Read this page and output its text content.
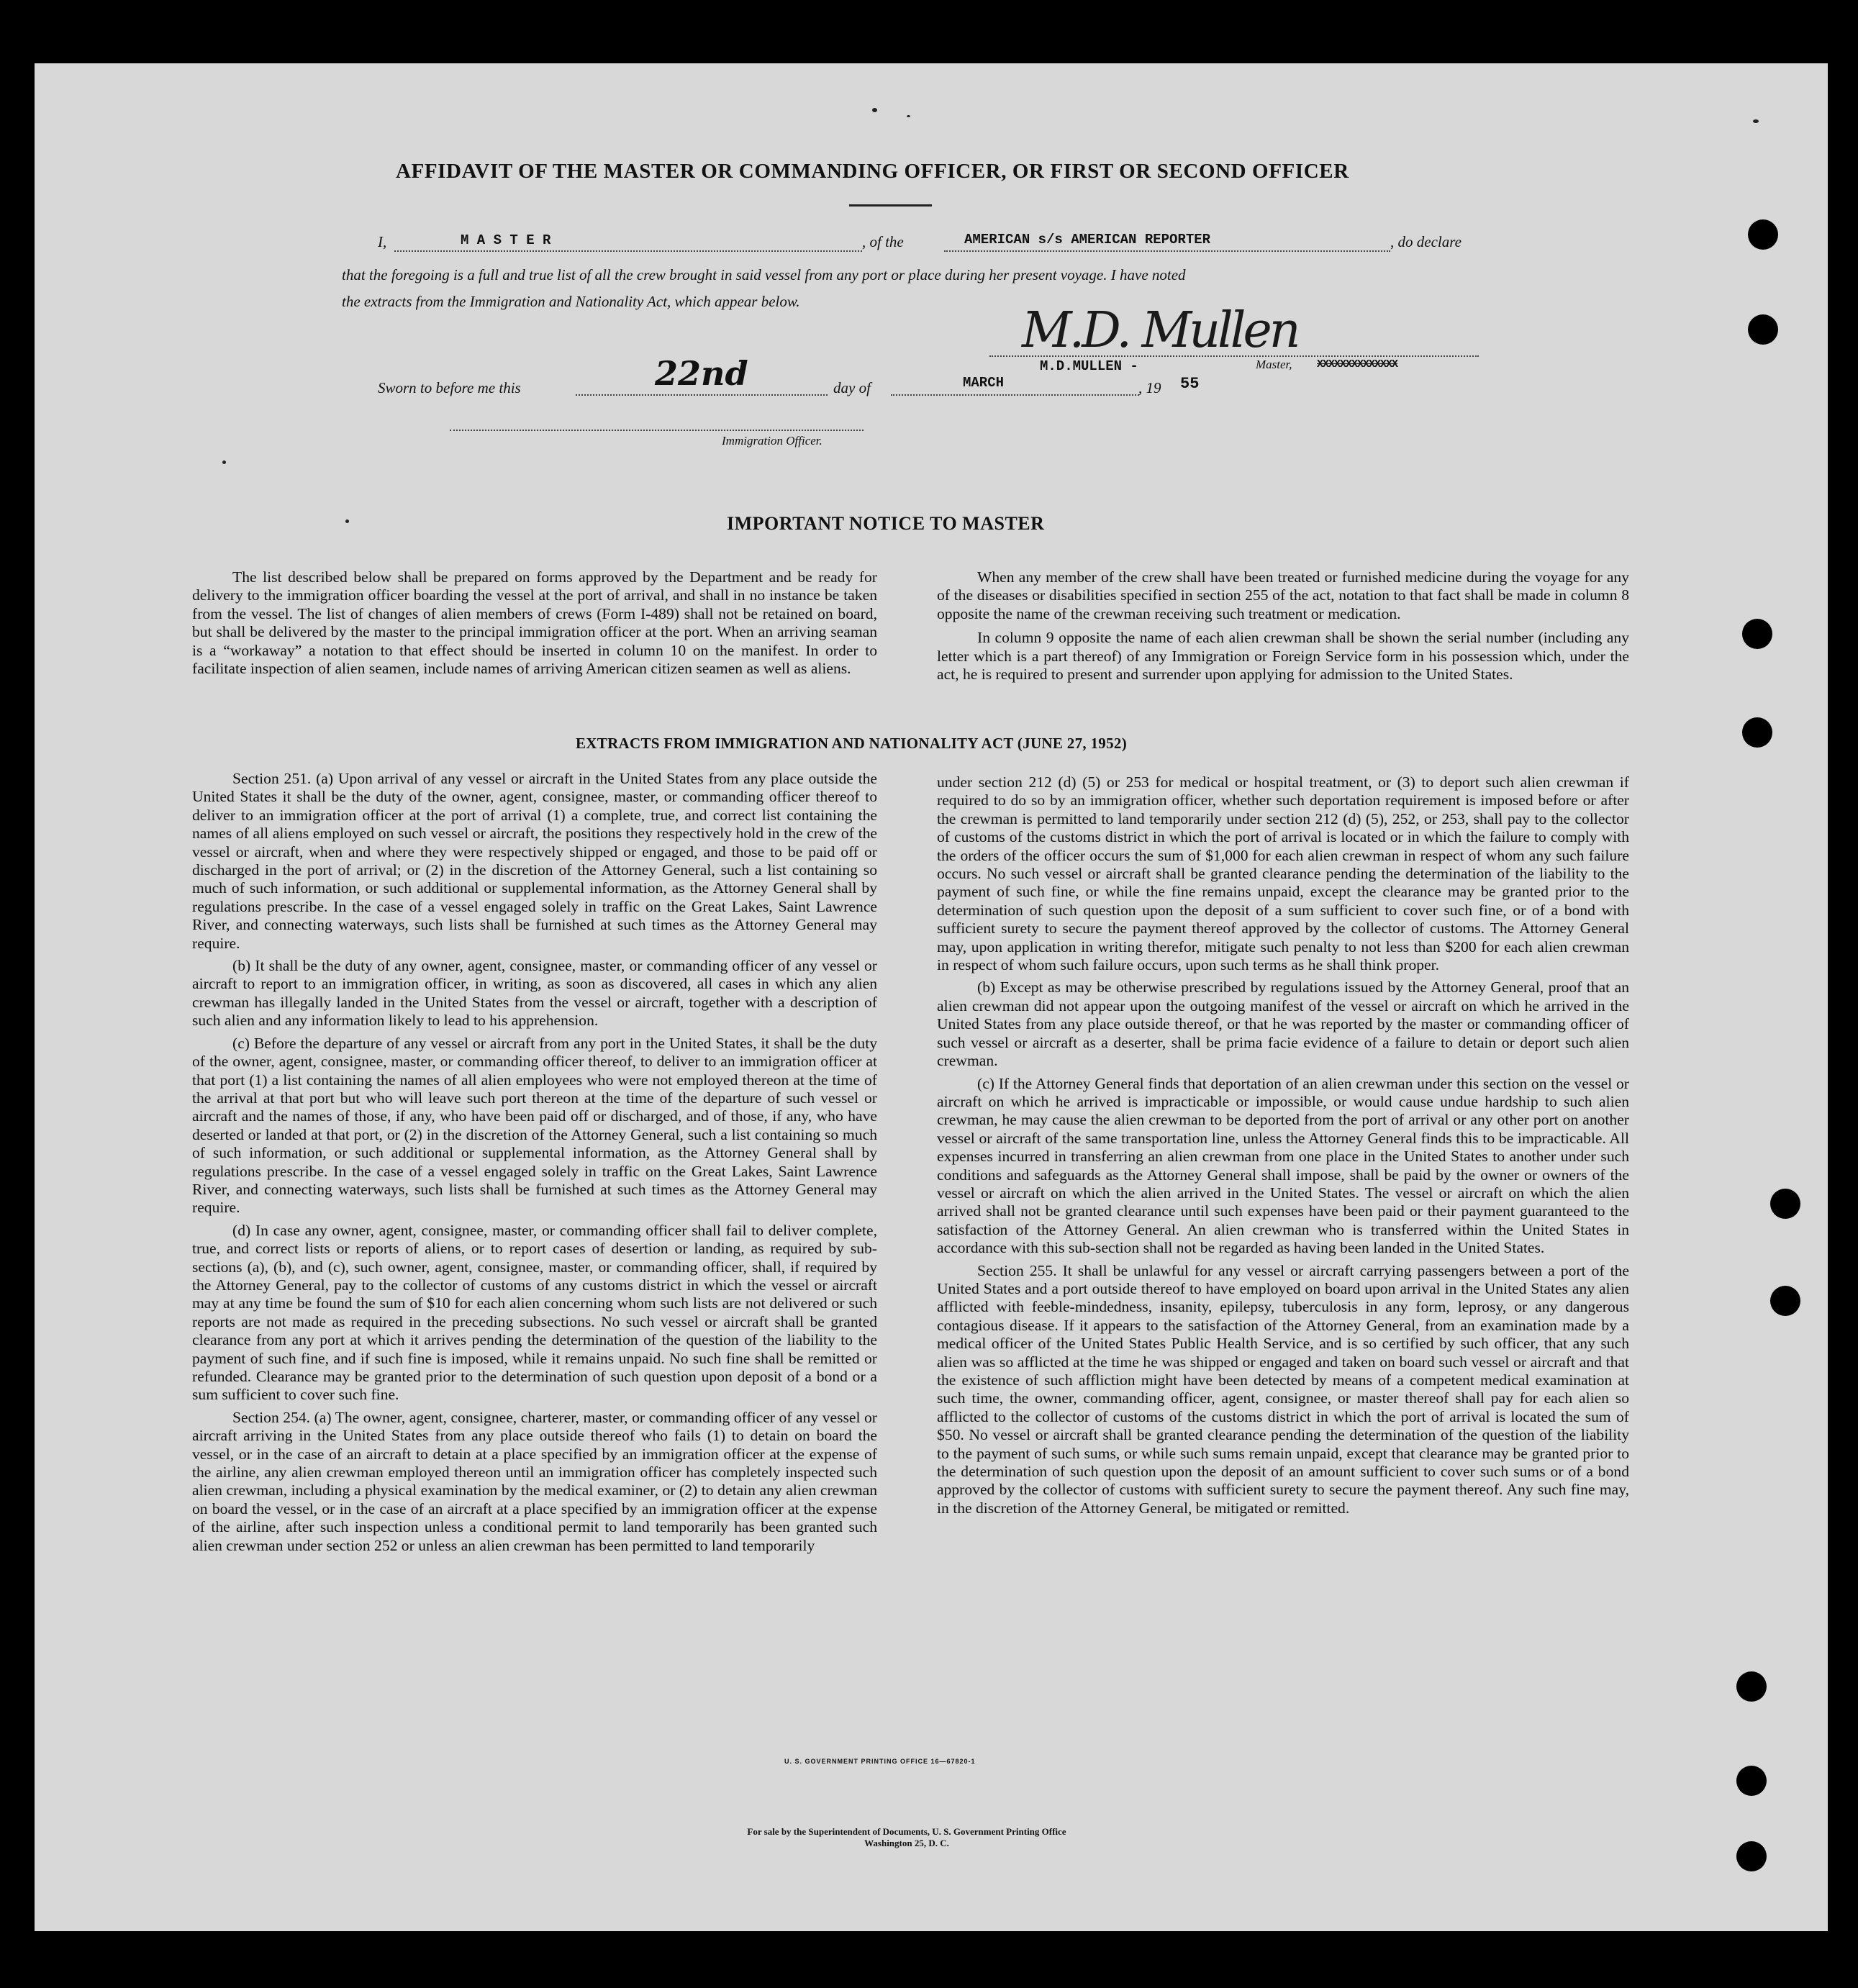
AFFIDAVIT OF THE MASTER OR COMMANDING OFFICER, OR FIRST OR SECOND OFFICER
I,	M A S T E R	, of the	AMERICAN s/s AMERICAN REPORTER	, do declare
that the foregoing is a full and true list of all the crew brought in said vessel from any port or place during her present voyage. I have noted
the extracts from the Immigration and Nationality Act, which appear below.
M.D. Mullen
Sworn to before me this	22nd	day of	MARCH
M.D.MULLEN -
, 19 55
Master, XXXXXXXXXXXXXX
Immigration Officer.
IMPORTANT NOTICE TO MASTER

The list described below shall be prepared on forms approved by the Department and be ready for delivery to the immigration officer boarding the vessel at the port of arrival, and shall in no instance be taken from the vessel. The list of changes of alien members of crews (Form I-489) shall not be retained on board, but shall be delivered by the master to the principal immigration officer at the port. When an arriving seaman is a “workaway” a notation to that effect should be inserted in column 10 on the manifest. In order to facilitate inspection of alien seamen, include names of arriving American citizen seamen as well as aliens.

When any member of the crew shall have been treated or furnished medicine during the voyage for any of the diseases or disabilities specified in section 255 of the act, notation to that fact shall be made in column 8 opposite the name of the crewman receiving such treatment or medication.

In column 9 opposite the name of each alien crewman shall be shown the serial number (including any letter which is a part thereof) of any Immigration or Foreign Service form in his possession which, under the act, he is required to present and surrender upon applying for admission to the United States.

EXTRACTS FROM IMMIGRATION AND NATIONALITY ACT (JUNE 27, 1952)

Section 251. (a) Upon arrival of any vessel or aircraft in the United States from any place outside the United States it shall be the duty of the owner, agent, consignee, master, or commanding officer thereof to deliver to an immigration officer at the port of arrival (1) a complete, true, and correct list containing the names of all aliens employed on such vessel or aircraft, the positions they respectively hold in the crew of the vessel or aircraft, when and where they were respectively shipped or engaged, and those to be paid off or discharged in the port of arrival; or (2) in the discretion of the Attorney General, such a list containing so much of such information, or such additional or supplemental information, as the Attorney General shall by regulations prescribe. In the case of a vessel engaged solely in traffic on the Great Lakes, Saint Lawrence River, and connecting waterways, such lists shall be furnished at such times as the Attorney General may require.

(b) It shall be the duty of any owner, agent, consignee, master, or commanding officer of any vessel or aircraft to report to an immigration officer, in writing, as soon as discovered, all cases in which any alien crewman has illegally landed in the United States from the vessel or aircraft, together with a description of such alien and any information likely to lead to his apprehension.

(c) Before the departure of any vessel or aircraft from any port in the United States, it shall be the duty of the owner, agent, consignee, master, or commanding officer thereof, to deliver to an immigration officer at that port (1) a list containing the names of all alien employees who were not employed thereon at the time of the arrival at that port but who will leave such port thereon at the time of the departure of such vessel or aircraft and the names of those, if any, who have been paid off or discharged, and of those, if any, who have deserted or landed at that port, or (2) in the discretion of the Attorney General, such a list containing so much of such information, or such additional or supplemental information, as the Attorney General shall by regulations prescribe. In the case of a vessel engaged solely in traffic on the Great Lakes, Saint Lawrence River, and connecting waterways, such lists shall be furnished at such times as the Attorney General may require.

(d) In case any owner, agent, consignee, master, or commanding officer shall fail to deliver complete, true, and correct lists or reports of aliens, or to report cases of desertion or landing, as required by sub-sections (a), (b), and (c), such owner, agent, consignee, master, or commanding officer, shall, if required by the Attorney General, pay to the collector of customs of any customs district in which the vessel or aircraft may at any time be found the sum of $10 for each alien concerning whom such lists are not delivered or such reports are not made as required in the preceding subsections. No such vessel or aircraft shall be granted clearance from any port at which it arrives pending the determination of the question of the liability to the payment of such fine, and if such fine is imposed, while it remains unpaid. No such fine shall be remitted or refunded. Clearance may be granted prior to the determination of such question upon deposit of a bond or a sum sufficient to cover such fine.

Section 254. (a) The owner, agent, consignee, charterer, master, or commanding officer of any vessel or aircraft arriving in the United States from any place outside thereof who fails (1) to detain on board the vessel, or in the case of an aircraft to detain at a place specified by an immigration officer at the expense of the airline, any alien crewman employed thereon until an immigration officer has completely inspected such alien crewman, including a physical examination by the medical examiner, or (2) to detain any alien crewman on board the vessel, or in the case of an aircraft at a place specified by an immigration officer at the expense of the airline, after such inspection unless a conditional permit to land temporarily has been granted such alien crewman under section 252 or unless an alien crewman has been permitted to land temporarily

under section 212 (d) (5) or 253 for medical or hospital treatment, or (3) to deport such alien crewman if required to do so by an immigration officer, whether such deportation requirement is imposed before or after the crewman is permitted to land temporarily under section 212 (d) (5), 252, or 253, shall pay to the collector of customs of the customs district in which the port of arrival is located or in which the failure to comply with the orders of the officer occurs the sum of $1,000 for each alien crewman in respect of whom any such failure occurs. No such vessel or aircraft shall be granted clearance pending the determination of the liability to the payment of such fine, or while the fine remains unpaid, except the clearance may be granted prior to the determination of such question upon the deposit of a sum sufficient to cover such fine, or of a bond with sufficient surety to secure the payment thereof approved by the collector of customs. The Attorney General may, upon application in writing therefor, mitigate such penalty to not less than $200 for each alien crewman in respect of whom such failure occurs, upon such terms as he shall think proper.

(b) Except as may be otherwise prescribed by regulations issued by the Attorney General, proof that an alien crewman did not appear upon the outgoing manifest of the vessel or aircraft on which he arrived in the United States from any place outside thereof, or that he was reported by the master or commanding officer of such vessel or aircraft as a deserter, shall be prima facie evidence of a failure to detain or deport such alien crewman.

(c) If the Attorney General finds that deportation of an alien crewman under this section on the vessel or aircraft on which he arrived is impracticable or impossible, or would cause undue hardship to such alien crewman, he may cause the alien crewman to be deported from the port of arrival or any other port on another vessel or aircraft of the same transportation line, unless the Attorney General finds this to be impracticable. All expenses incurred in transferring an alien crewman from one place in the United States to another under such conditions and safeguards as the Attorney General shall impose, shall be paid by the owner or owners of the vessel or aircraft on which the alien arrived in the United States. The vessel or aircraft on which the alien arrived shall not be granted clearance until such expenses have been paid or their payment guaranteed to the satisfaction of the Attorney General. An alien crewman who is transferred within the United States in accordance with this sub-section shall not be regarded as having been landed in the United States.

Section 255. It shall be unlawful for any vessel or aircraft carrying passengers between a port of the United States and a port outside thereof to have employed on board upon arrival in the United States any alien afflicted with feeble-mindedness, insanity, epilepsy, tuberculosis in any form, leprosy, or any dangerous contagious disease. If it appears to the satisfaction of the Attorney General, from an examination made by a medical officer of the United States Public Health Service, and is so certified by such officer, that any such alien was so afflicted at the time he was shipped or engaged and taken on board such vessel or aircraft and that the existence of such affliction might have been detected by means of a competent medical examination at such time, the owner, commanding officer, agent, consignee, or master thereof shall pay for each alien so afflicted to the collector of customs of the customs district in which the port of arrival is located the sum of $50. No vessel or aircraft shall be granted clearance pending the determination of the question of the liability to the payment of such sums, or while such sums remain unpaid, except that clearance may be granted prior to the determination of such question upon the deposit of an amount sufficient to cover such sums or of a bond approved by the collector of customs with sufficient surety to secure the payment thereof. Any such fine may, in the discretion of the Attorney General, be mitigated or remitted.

U. S. GOVERNMENT PRINTING OFFICE 16—67820-1
For sale by the Superintendent of Documents, U. S. Government Printing Office
Washington 25, D. C.
